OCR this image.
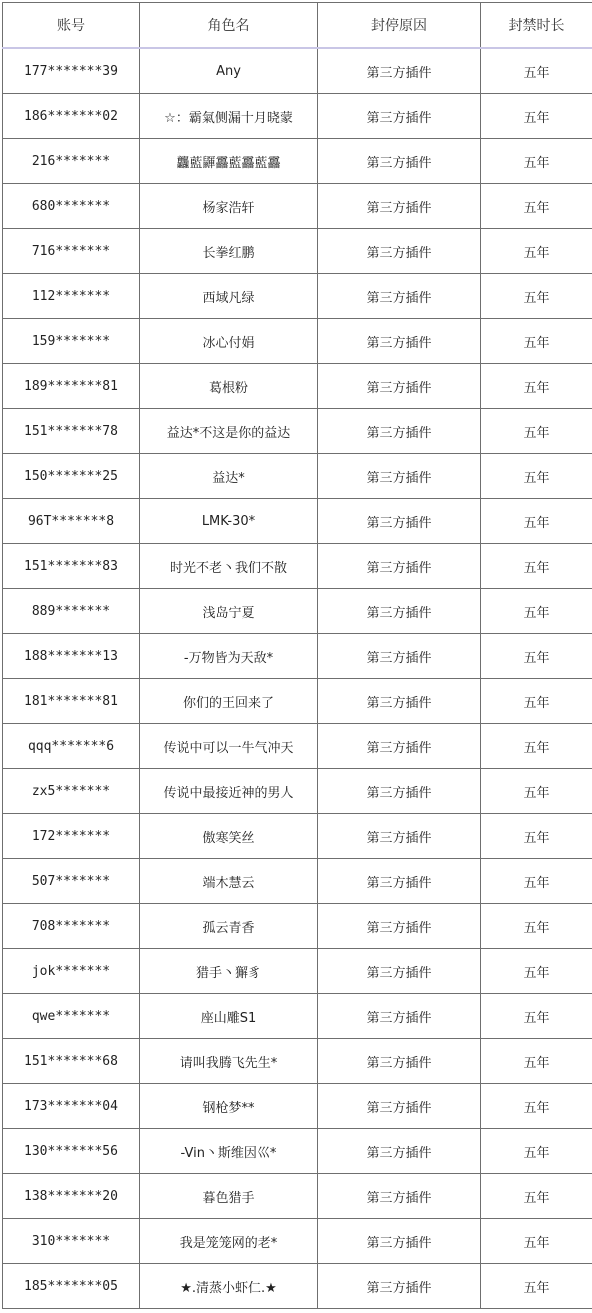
账号	角色名	封停原因	封禁时长
177*******39	Any	第三方插件	五年
186*******02	☆：霸氣侧漏十月晓蒙	第三方插件	五年
216*******	龘藍鼲靐藍靐藍靐	第三方插件	五年
680*******	杨家浩轩	第三方插件	五年
716*******	长拳红鹏	第三方插件	五年
112*******	西域凡绿	第三方插件	五年
159*******	冰心付娟	第三方插件	五年
189*******81	葛根粉	第三方插件	五年
151*******78	益达*不这是你的益达	第三方插件	五年
150*******25	益达*	第三方插件	五年
96T*******8	LMK-30*	第三方插件	五年
151*******83	时光不老丶我们不散	第三方插件	五年
889*******	浅岛宁夏	第三方插件	五年
188*******13	-万物皆为天敌*	第三方插件	五年
181*******81	你们的王回来了	第三方插件	五年
qqq*******6	传说中可以一牛气冲天	第三方插件	五年
zx5*******	传说中最接近神的男人	第三方插件	五年
172*******	傲寒笑丝	第三方插件	五年
507*******	端木慧云	第三方插件	五年
708*******	孤云青香	第三方插件	五年
jok*******	猎手丶獬豸	第三方插件	五年
qwe*******	座山雕S1	第三方插件	五年
151*******68	请叫我腾飞先生*	第三方插件	五年
173*******04	钢枪梦**	第三方插件	五年
130*******56	-Vin丶斯维因巛*	第三方插件	五年
138*******20	暮色猎手	第三方插件	五年
310*******	我是笼笼网的老*	第三方插件	五年
185*******05	★.清蒸小虾仁.★	第三方插件	五年
